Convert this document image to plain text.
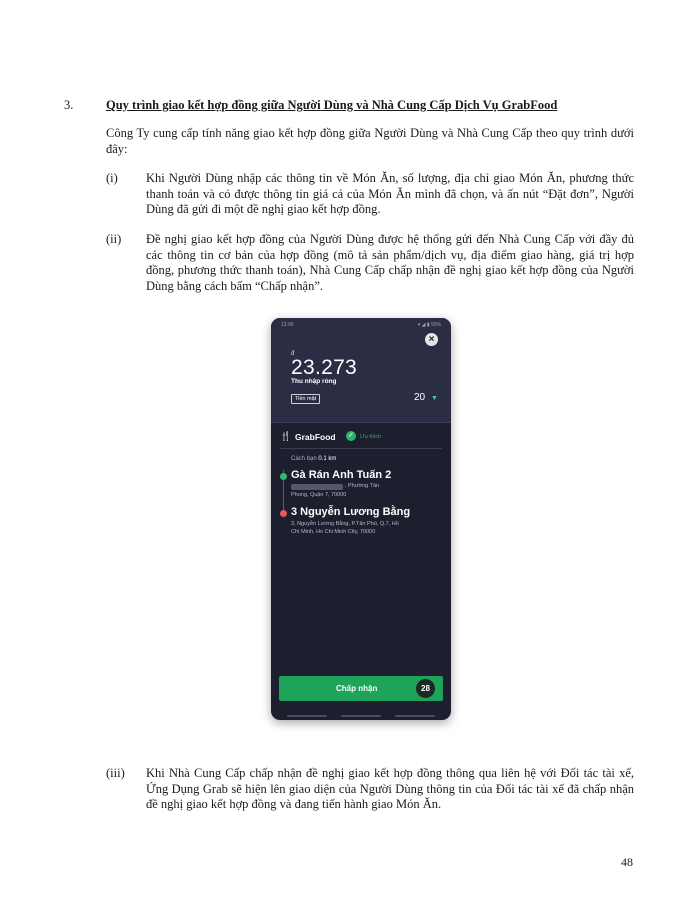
3.	Quy trình giao kết hợp đồng giữa Người Dùng và Nhà Cung Cấp Dịch Vụ GrabFood
Công Ty cung cấp tính năng giao kết hợp đồng giữa Người Dùng và Nhà Cung Cấp theo quy trình dưới đây:
(i) Khi Người Dùng nhập các thông tin về Món Ăn, số lượng, địa chỉ giao Món Ăn, phương thức thanh toán và có được thông tin giá cả của Món Ăn mình đã chọn, và ấn nút “Đặt đơn”, Người Dùng đã gửi đi một đề nghị giao kết hợp đồng.
(ii) Đề nghị giao kết hợp đồng của Người Dùng được hệ thống gửi đến Nhà Cung Cấp với đầy đủ các thông tin cơ bản của hợp đồng (mô tả sản phẩm/dịch vụ, địa điểm giao hàng, giá trị hợp đồng, phương thức thanh toán), Nhà Cung Cấp chấp nhận đề nghị giao kết hợp đồng của Người Dùng bằng cách bấm “Chấp nhận”.
12:00	▾ ◢ ▮ 93%
×
đ
23.273
Thu nhập ròng
Tiền mặt	20 ▼
🍴 GrabFood ✓	Ưu thích
Cách bạn 0.1 km
Gà Rán Anh Tuấn 2
, Phường Tân
Phong, Quận 7, 70000
3 Nguyễn Lương Bằng
3, Nguyễn Lương Bằng, P.Tân Phú, Q.7, Hồ
Chí Minh, Ho Chi Minh City, 70000
Chấp nhận	28
(iii) Khi Nhà Cung Cấp chấp nhận đề nghị giao kết hợp đồng thông qua liên hệ với Đối tác tài xế, Ứng Dụng Grab sẽ hiện lên giao diện của Người Dùng thông tin của Đối tác tài xế đã chấp nhận đề nghị giao kết hợp đồng và đang tiến hành giao Món Ăn.
48
